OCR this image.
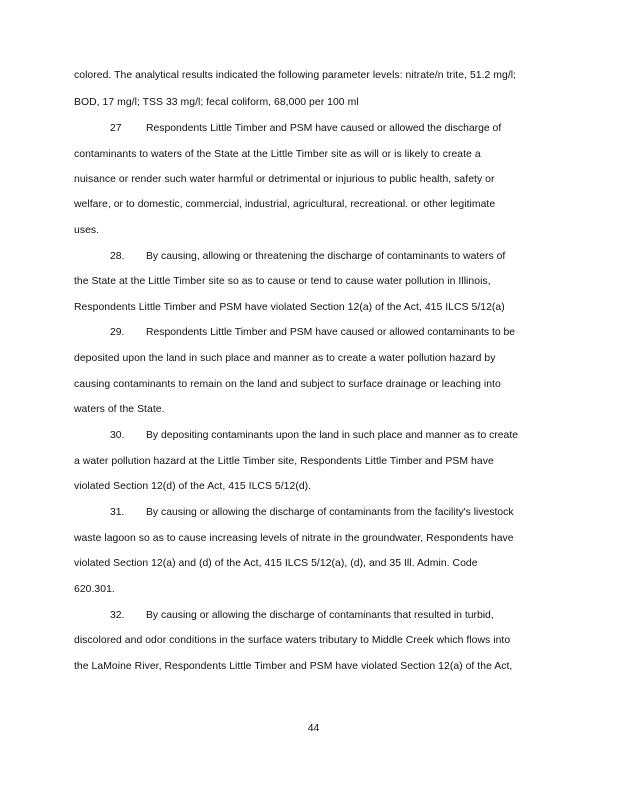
colored. The analytical results indicated the following parameter levels: nitrate/n trite, 51.2 mg/l;
BOD, 17 mg/l; TSS 33 mg/l; fecal coliform, 68,000 per 100 ml
27 Respondents Little Timber and PSM have caused or allowed the discharge of
contaminants to waters of the State at the Little Timber site as will or is likely to create a
nuisance or render such water harmful or detrimental or injurious to public health, safety or
welfare, or to domestic, commercial, industrial, agricultural, recreational. or other legitimate
uses.
28. By causing, allowing or threatening the discharge of contaminants to waters of
the State at the Little Timber site so as to cause or tend to cause water pollution in Illinois,
Respondents Little Timber and PSM have violated Section 12(a) of the Act, 415 ILCS 5/12(a)
29. Respondents Little Timber and PSM have caused or allowed contaminants to be
deposited upon the land in such place and manner as to create a water pollution hazard by
causing contaminants to remain on the land and subject to surface drainage or leaching into
waters of the State.
30. By depositing contaminants upon the land in such place and manner as to create
a water pollution hazard at the Little Timber site, Respondents Little Timber and PSM have
violated Section 12(d) of the Act, 415 ILCS 5/12(d).
31. By causing or allowing the discharge of contaminants from the facility's livestock
waste lagoon so as to cause increasing levels of nitrate in the groundwater, Respondents have
violated Section 12(a) and (d) of the Act, 415 ILCS 5/12(a), (d), and 35 Ill. Admin. Code
620.301.
32. By causing or allowing the discharge of contaminants that resulted in turbid,
discolored and odor conditions in the surface waters tributary to Middle Creek which flows into
the LaMoine River, Respondents Little Timber and PSM have violated Section 12(a) of the Act,
44
